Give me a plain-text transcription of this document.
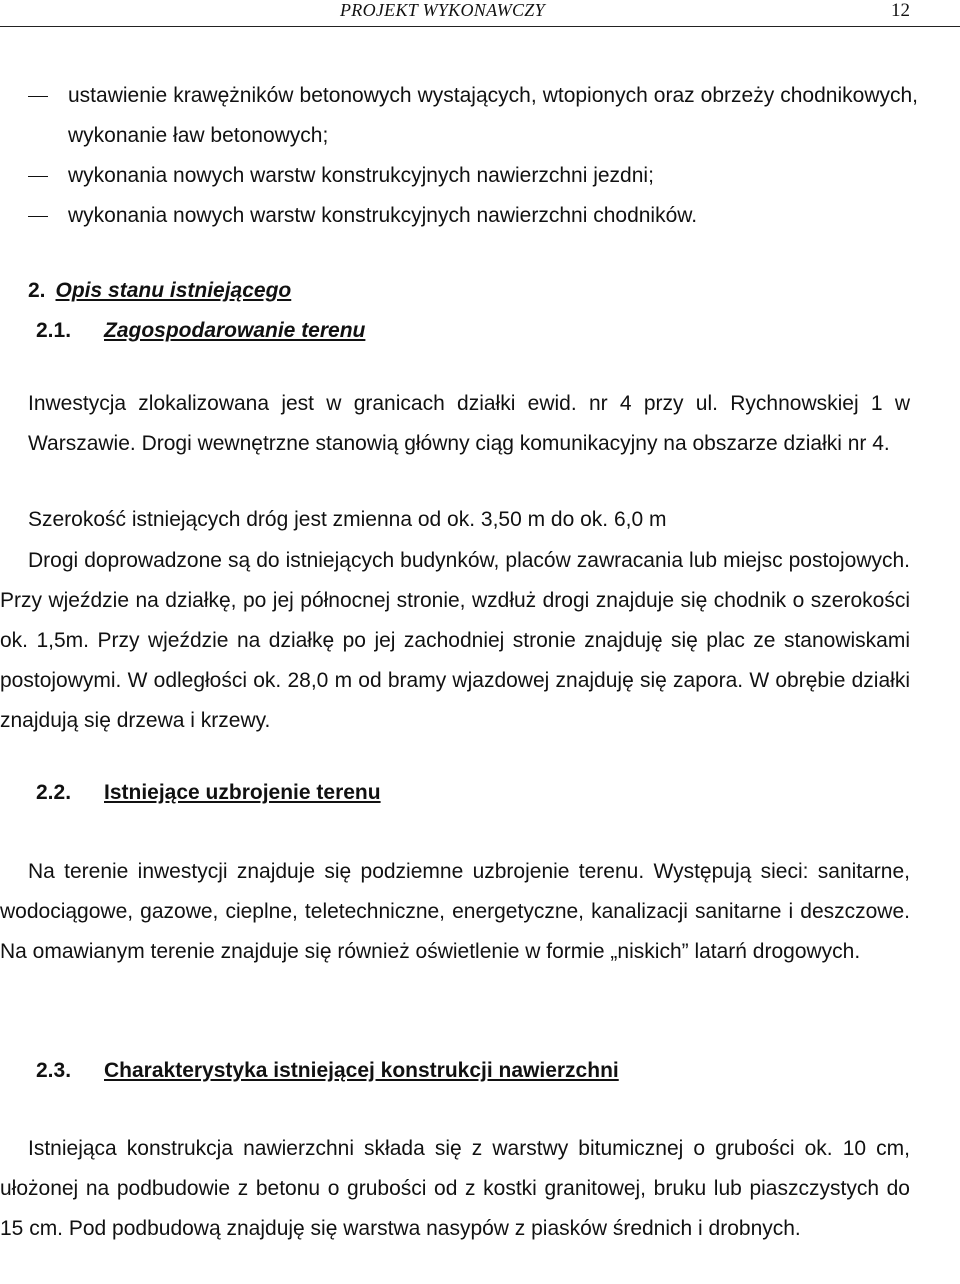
PROJEKT WYKONAWCZY	12
ustawienie krawężników betonowych wystających, wtopionych oraz obrzeży chodnikowych, wykonanie ław betonowych;
wykonania nowych warstw konstrukcyjnych nawierzchni jezdni;
wykonania nowych warstw konstrukcyjnych nawierzchni chodników.
2. Opis stanu istniejącego
2.1. Zagospodarowanie terenu
Inwestycja zlokalizowana jest w granicach działki ewid. nr 4 przy ul. Rychnowskiej 1 w Warszawie. Drogi wewnętrzne stanowią główny ciąg komunikacyjny na obszarze działki nr 4.
Szerokość istniejących dróg jest zmienna od ok. 3,50 m do ok. 6,0 m
Drogi doprowadzone są do istniejących budynków, placów zawracania lub miejsc postojowych. Przy wjeździe na działkę, po jej północnej stronie, wzdłuż drogi znajduje się chodnik o szerokości ok. 1,5m. Przy wjeździe na działkę po jej zachodniej stronie znajduję się plac ze stanowiskami postojowymi. W odległości ok. 28,0 m od bramy wjazdowej znajduję się zapora. W obrębie działki znajdują się drzewa i krzewy.
2.2. Istniejące uzbrojenie terenu
Na terenie inwestycji znajduje się podziemne uzbrojenie terenu. Występują sieci: sanitarne, wodociągowe, gazowe, cieplne, teletechniczne, energetyczne, kanalizacji sanitarne i deszczowe. Na omawianym terenie znajduje się również oświetlenie w formie „niskich” latarń drogowych.
2.3. Charakterystyka istniejącej konstrukcji nawierzchni
Istniejąca konstrukcja nawierzchni składa się z warstwy bitumicznej o grubości ok. 10 cm, ułożonej na podbudowie z betonu o grubości od z kostki granitowej, bruku lub piaszczystych do 15 cm. Pod podbudową znajduję się warstwa nasypów z piasków średnich i drobnych.
